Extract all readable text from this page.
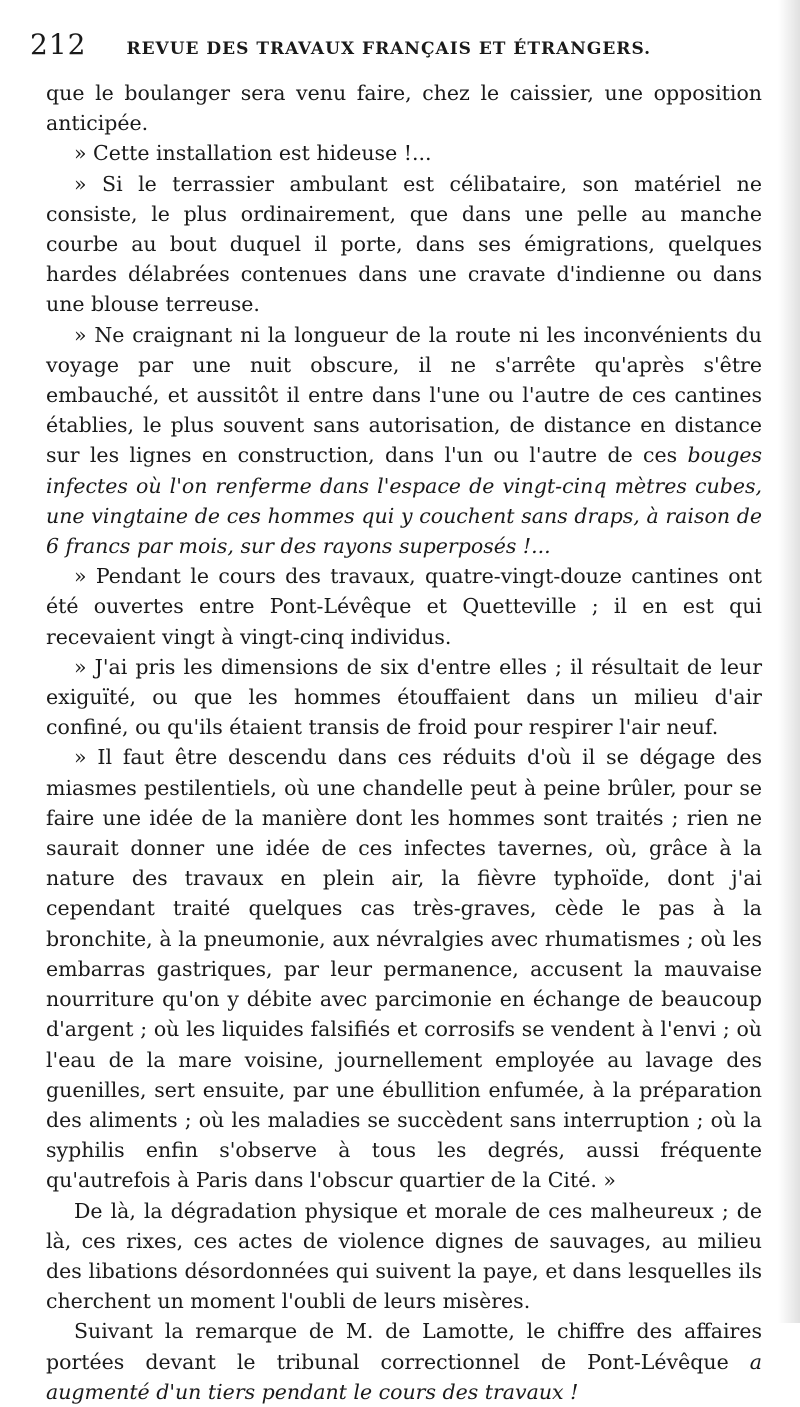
212 REVUE DES TRAVAUX FRANÇAIS ET ÉTRANGERS.

que le boulanger sera venu faire, chez le caissier, une opposition anticipée.

» Cette installation est hideuse !...

» Si le terrassier ambulant est célibataire, son matériel ne consiste, le plus ordinairement, que dans une pelle au manche courbe au bout duquel il porte, dans ses émigrations, quelques hardes délabrées contenues dans une cravate d'indienne ou dans une blouse terreuse.

» Ne craignant ni la longueur de la route ni les inconvénients du voyage par une nuit obscure, il ne s'arrête qu'après s'être embauché, et aussitôt il entre dans l'une ou l'autre de ces cantines établies, le plus souvent sans autorisation, de distance en distance sur les lignes en construction, dans l'un ou l'autre de ces bouges infectes où l'on renferme dans l'espace de vingt-cinq mètres cubes, une vingtaine de ces hommes qui y couchent sans draps, à raison de 6 francs par mois, sur des rayons superposés !...

» Pendant le cours des travaux, quatre-vingt-douze cantines ont été ouvertes entre Pont-Lévêque et Quetteville ; il en est qui recevaient vingt à vingt-cinq individus.

» J'ai pris les dimensions de six d'entre elles ; il résultait de leur exiguïté, ou que les hommes étouffaient dans un milieu d'air confiné, ou qu'ils étaient transis de froid pour respirer l'air neuf.

» Il faut être descendu dans ces réduits d'où il se dégage des miasmes pestilentiels, où une chandelle peut à peine brûler, pour se faire une idée de la manière dont les hommes sont traités ; rien ne saurait donner une idée de ces infectes tavernes, où, grâce à la nature des travaux en plein air, la fièvre typhoïde, dont j'ai cependant traité quelques cas très-graves, cède le pas à la bronchite, à la pneumonie, aux névralgies avec rhumatismes ; où les embarras gastriques, par leur permanence, accusent la mauvaise nourriture qu'on y débite avec parcimonie en échange de beaucoup d'argent ; où les liquides falsifiés et corrosifs se vendent à l'envi ; où l'eau de la mare voisine, journellement employée au lavage des guenilles, sert ensuite, par une ébullition enfumée, à la préparation des aliments ; où les maladies se succèdent sans interruption ; où la syphilis enfin s'observe à tous les degrés, aussi fréquente qu'autrefois à Paris dans l'obscur quartier de la Cité. »

De là, la dégradation physique et morale de ces malheureux ; de là, ces rixes, ces actes de violence dignes de sauvages, au milieu des libations désordonnées qui suivent la paye, et dans lesquelles ils cherchent un moment l'oubli de leurs misères.

Suivant la remarque de M. de Lamotte, le chiffre des affaires portées devant le tribunal correctionnel de Pont-Lévêque a augmenté d'un tiers pendant le cours des travaux !
